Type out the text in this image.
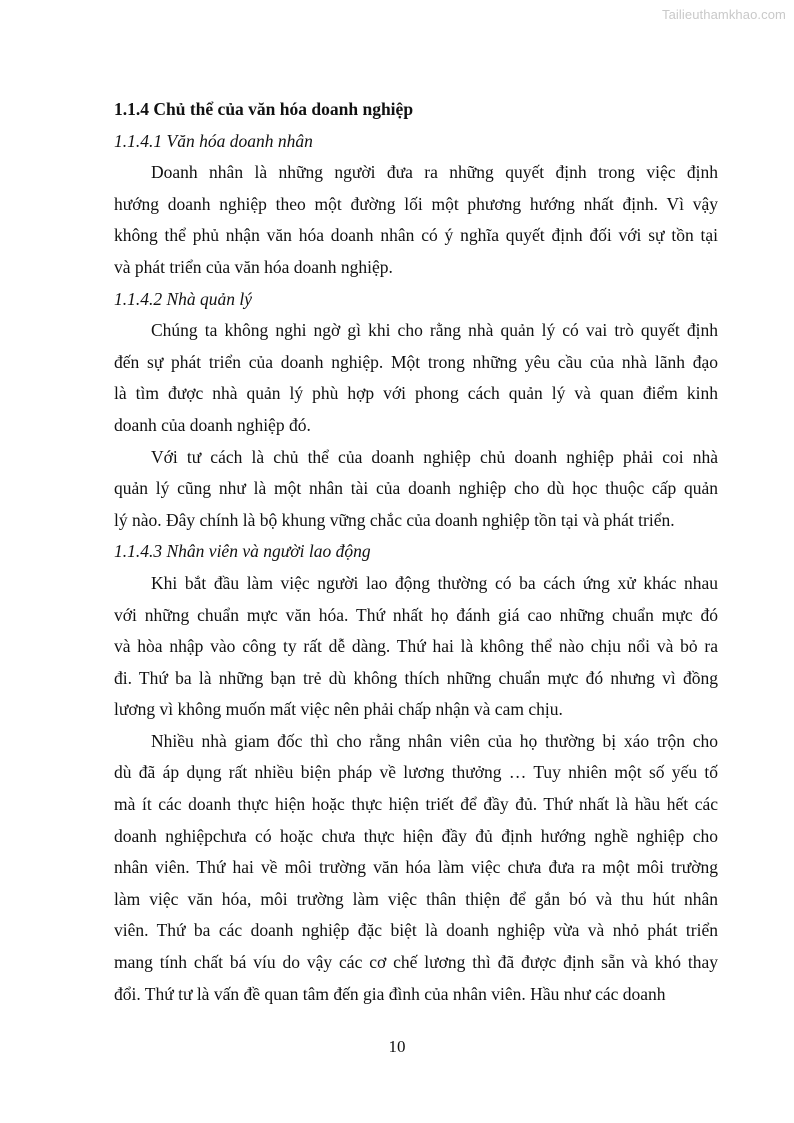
Tailieuthamkhao.com

1.1.4 Chủ thể của văn hóa doanh nghiệp

1.1.4.1 Văn hóa doanh nhân

Doanh nhân là những người đưa ra những quyết định trong việc định
hướng doanh nghiệp theo một đường lối một phương hướng nhất định. Vì vậy
không thể phủ nhận văn hóa doanh nhân có ý nghĩa quyết định đối với sự tồn tại
và phát triển của văn hóa doanh nghiệp.

1.1.4.2 Nhà quản lý

Chúng ta không nghi ngờ gì khi cho rằng nhà quản lý có vai trò quyết định
đến sự phát triển của doanh nghiệp. Một trong những yêu cầu của nhà lãnh đạo
là tìm được nhà quản lý phù hợp với phong cách quản lý và quan điểm kinh
doanh của doanh nghiệp đó.

Với tư cách là chủ thể của doanh nghiệp chủ doanh nghiệp phải coi nhà
quản lý cũng như là một nhân tài của doanh nghiệp cho dù học thuộc cấp quản
lý nào. Đây chính là bộ khung vững chắc của doanh nghiệp tồn tại và phát triển.

1.1.4.3 Nhân viên và người lao động

Khi bắt đầu làm việc người lao động thường có ba cách ứng xử khác nhau
với những chuẩn mực văn hóa. Thứ nhất họ đánh giá cao những chuẩn mực đó
và hòa nhập vào công ty rất dễ dàng. Thứ hai là không thể nào chịu nổi và bỏ ra
đi. Thứ ba là những bạn trẻ dù không thích những chuẩn mực đó nhưng vì đồng
lương vì không muốn mất việc nên phải chấp nhận và cam chịu.

Nhiều nhà giam đốc thì cho rằng nhân viên của họ thường bị xáo trộn cho
dù đã áp dụng rất nhiều biện pháp về lương thưởng … Tuy nhiên một số yếu tố
mà ít các doanh thực hiện hoặc thực hiện triết để đầy đủ. Thứ nhất là hầu hết các
doanh nghiệpchưa có hoặc chưa thực hiện đầy đủ định hướng nghề nghiệp cho
nhân viên. Thứ hai về môi trường văn hóa làm việc chưa đưa ra một môi trường
làm việc văn hóa, môi trường làm việc thân thiện để gắn bó và thu hút nhân
viên. Thứ ba các doanh nghiệp đặc biệt là doanh nghiệp vừa và nhỏ phát triển
mang tính chất bá víu do vậy các cơ chế lương thì đã được định sẵn và khó thay
đổi. Thứ tư là vấn đề quan tâm đến gia đình của nhân viên. Hầu như các doanh

10
